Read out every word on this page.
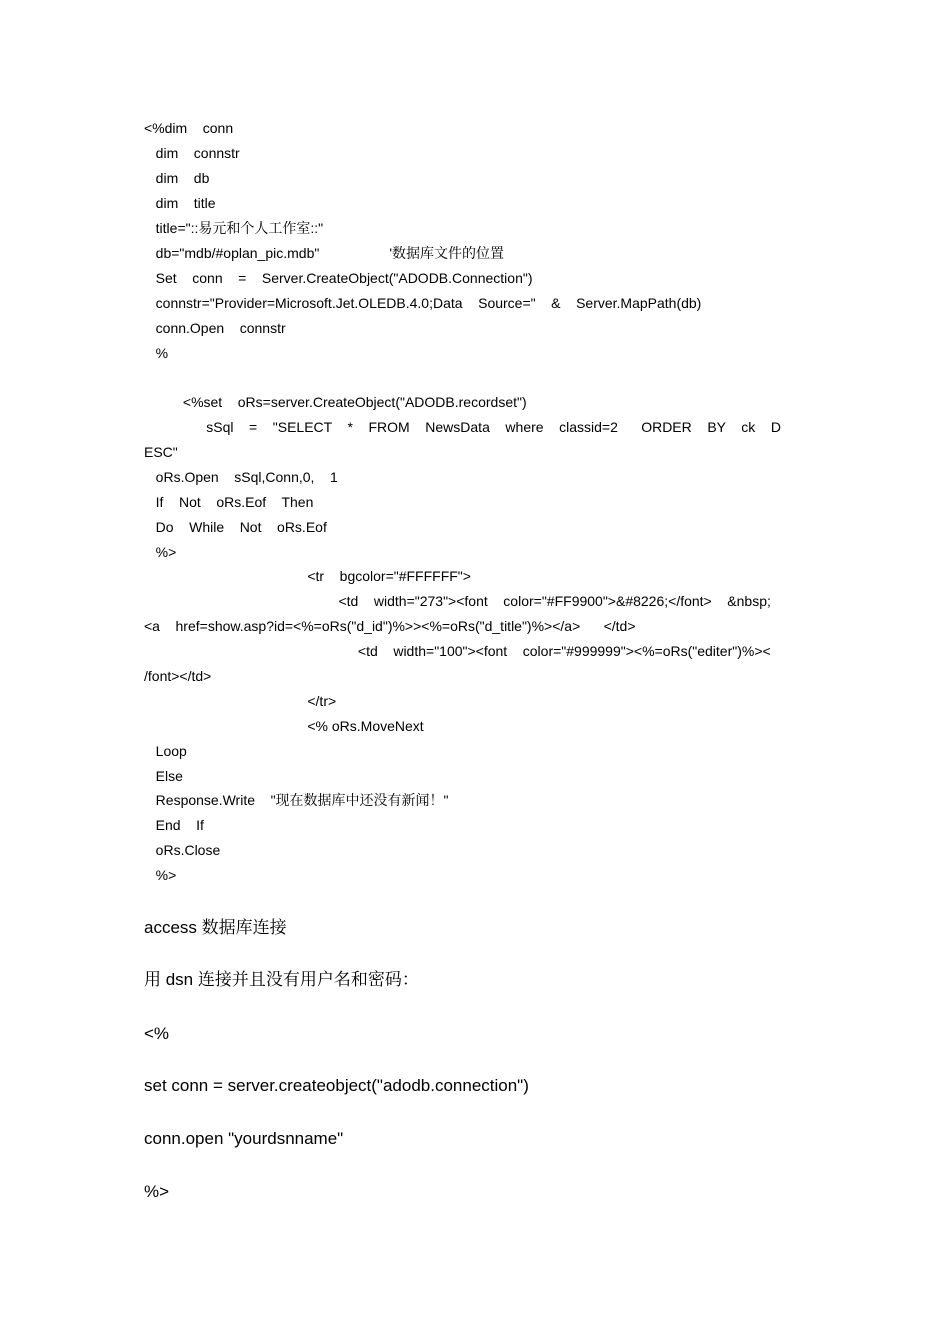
<%dim    conn
dim    connstr
dim    db
dim    title
title="::易元和个人工作室::"
db="mdb/#oplan_pic.mdb"                  '数据库文件的位置
Set    conn    =    Server.CreateObject("ADODB.Connection")
connstr="Provider=Microsoft.Jet.OLEDB.4.0;Data    Source="    &    Server.MapPath(db)
conn.Open    connstr
%
<%set    oRs=server.CreateObject("ADODB.recordset")
sSql    =    "SELECT    *    FROM    NewsData    where    classid=2      ORDER    BY    ck    D
ESC"
oRs.Open    sSql,Conn,0,    1
If    Not    oRs.Eof    Then
Do    While    Not    oRs.Eof
%>
<tr    bgcolor="#FFFFFF">
<td    width="273"><font    color="#FF9900">&#8226;</font>    &nbsp;
<a    href=show.asp?id=<%=oRs("d_id")%>><%=oRs("d_title")%></a>      </td>
<td    width="100"><font    color="#999999"><%=oRs("editer")%><
/font></td>
</tr>
<% oRs.MoveNext
Loop
Else
Response.Write    "现在数据库中还没有新闻！"
End    If
oRs.Close
%>
access 数据库连接
用 dsn 连接并且没有用户名和密码：
<%
set conn = server.createobject("adodb.connection")
conn.open "yourdsnname"
%>
